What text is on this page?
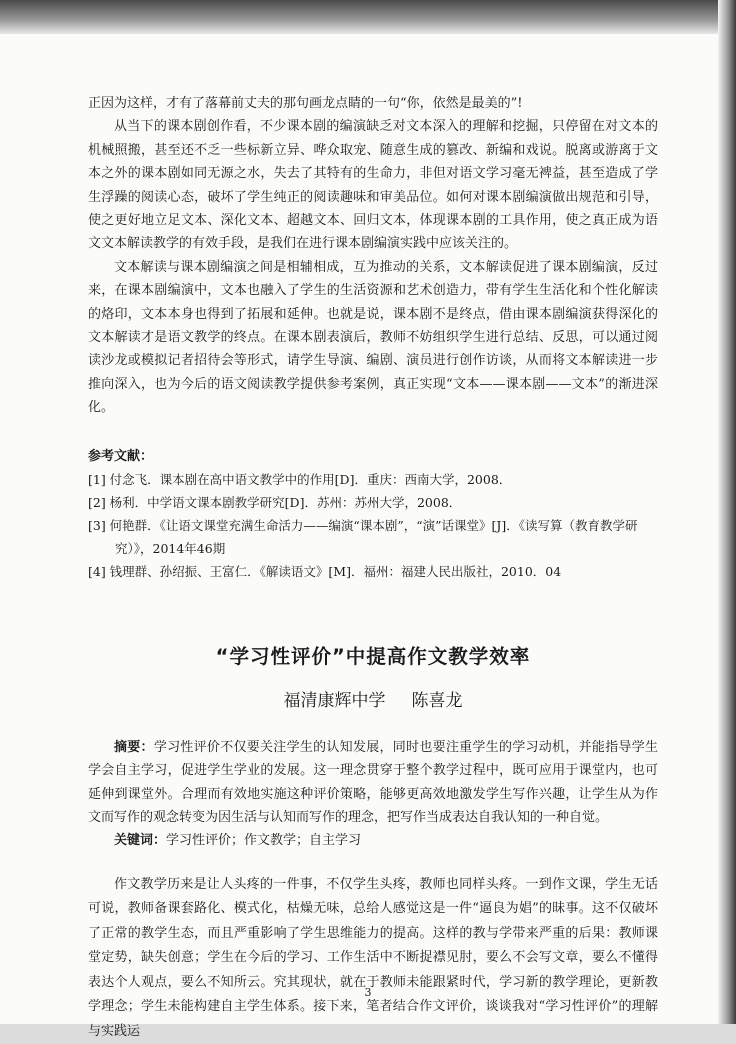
正因为这样，才有了落幕前丈夫的那句画龙点睛的一句“你，依然是最美的”!

从当下的课本剧创作看，不少课本剧的编演缺乏对文本深入的理解和挖掘，只停留在对文本的机械照搬，甚至还不乏一些标新立异、哗众取宠、随意生成的篡改、新编和戏说。脱离或游离于文本之外的课本剧如同无源之水，失去了其特有的生命力，非但对语文学习毫无裨益，甚至造成了学生浮躁的阅读心态，破坏了学生纯正的阅读趣味和审美品位。如何对课本剧编演做出规范和引导，使之更好地立足文本、深化文本、超越文本、回归文本，体现课本剧的工具作用，使之真正成为语文文本解读教学的有效手段，是我们在进行课本剧编演实践中应该关注的。

文本解读与课本剧编演之间是相辅相成，互为推动的关系，文本解读促进了课本剧编演，反过来，在课本剧编演中，文本也融入了学生的生活资源和艺术创造力，带有学生生活化和个性化解读的烙印，文本本身也得到了拓展和延伸。也就是说，课本剧不是终点，借由课本剧编演获得深化的文本解读才是语文教学的终点。在课本剧表演后，教师不妨组织学生进行总结、反思，可以通过阅读沙龙或模拟记者招待会等形式，请学生导演、编剧、演员进行创作访谈，从而将文本解读进一步推向深入，也为今后的语文阅读教学提供参考案例，真正实现“文本——课本剧——文本”的渐进深化。

参考文献：

[1] 付念飞．课本剧在高中语文教学中的作用[D]．重庆：西南大学，2008．

[2] 杨利．中学语文课本剧教学研究[D]．苏州：苏州大学，2008．

[3] 何艳群．《让语文课堂充满生命活力——编演“课本剧”，“演”话课堂》[J]．《读写算（教育教学研究）》，2014年46期

[4] 钱理群、孙绍振、王富仁．《解读语文》[M]．福州：福建人民出版社，2010．04

“学习性评价”中提高作文教学效率

福清康辉中学 陈喜龙

摘要：学习性评价不仅要关注学生的认知发展，同时也要注重学生的学习动机，并能指导学生学会自主学习，促进学生学业的发展。这一理念贯穿于整个教学过程中，既可应用于课堂内，也可延伸到课堂外。合理而有效地实施这种评价策略，能够更高效地激发学生写作兴趣，让学生从为作文而写作的观念转变为因生活与认知而写作的理念，把写作当成表达自我认知的一种自觉。

关键词：学习性评价；作文教学；自主学习

作文教学历来是让人头疼的一件事，不仅学生头疼，教师也同样头疼。一到作文课，学生无话可说，教师备课套路化、模式化，枯燥无味，总给人感觉这是一件“逼良为娼”的昧事。这不仅破坏了正常的教学生态，而且严重影响了学生思维能力的提高。这样的教与学带来严重的后果：教师课堂定势，缺失创意；学生在今后的学习、工作生活中不断捉襟见肘，要么不会写文章，要么不懂得表达个人观点，要么不知所云。究其现状，就在于教师未能跟紧时代，学习新的教学理论，更新教学理念；学生未能构建自主学生体系。接下来，笔者结合作文评价，谈谈我对“学习性评价”的理解与实践运

3
